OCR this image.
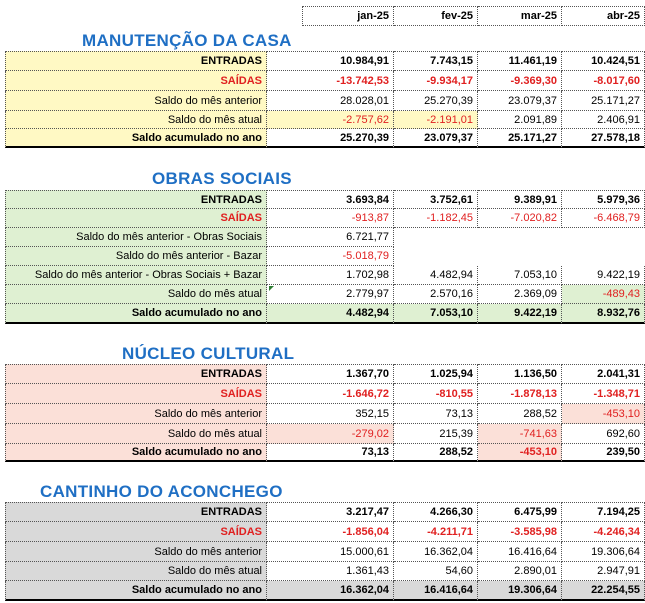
jan-25	fev-25	mar-25	abr-25
MANUTENÇÃO DA CASA
ENTRADAS	10.984,91	7.743,15	11.461,19	10.424,51
SAÍDAS	-13.742,53	-9.934,17	-9.369,30	-8.017,60
Saldo do mês anterior	28.028,01	25.270,39	23.079,37	25.171,27
Saldo do mês atual	-2.757,62	-2.191,01	2.091,89	2.406,91
Saldo acumulado no ano	25.270,39	23.079,37	25.171,27	27.578,18
OBRAS SOCIAIS
ENTRADAS	3.693,84	3.752,61	9.389,91	5.979,36
SAÍDAS	-913,87	-1.182,45	-7.020,82	-6.468,79
Saldo do mês anterior - Obras Sociais	6.721,77
Saldo do mês anterior - Bazar	-5.018,79
Saldo do mês anterior - Obras Sociais + Bazar	1.702,98	4.482,94	7.053,10	9.422,19
Saldo do mês atual	2.779,97	2.570,16	2.369,09	-489,43
Saldo acumulado no ano	4.482,94	7.053,10	9.422,19	8.932,76
NÚCLEO CULTURAL
ENTRADAS	1.367,70	1.025,94	1.136,50	2.041,31
SAÍDAS	-1.646,72	-810,55	-1.878,13	-1.348,71
Saldo do mês anterior	352,15	73,13	288,52	-453,10
Saldo do mês atual	-279,02	215,39	-741,63	692,60
Saldo acumulado no ano	73,13	288,52	-453,10	239,50
CANTINHO DO ACONCHEGO
ENTRADAS	3.217,47	4.266,30	6.475,99	7.194,25
SAÍDAS	-1.856,04	-4.211,71	-3.585,98	-4.246,34
Saldo do mês anterior	15.000,61	16.362,04	16.416,64	19.306,64
Saldo do mês atual	1.361,43	54,60	2.890,01	2.947,91
Saldo acumulado no ano	16.362,04	16.416,64	19.306,64	22.254,55
